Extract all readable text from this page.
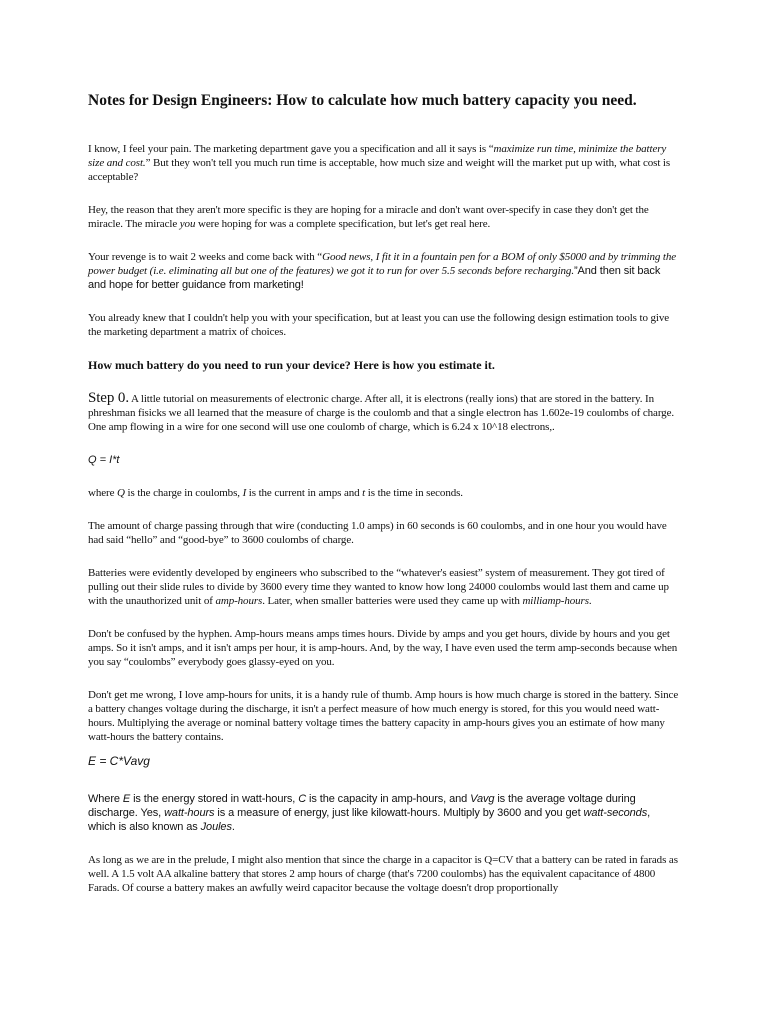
Notes for Design Engineers: How to calculate how much battery capacity you need.

I know, I feel your pain. The marketing department gave you a specification and all it says is “maximize run time, minimize the battery size and cost.” But they won't tell you much run time is acceptable, how much size and weight will the market put up with, what cost is acceptable?

Hey, the reason that they aren't more specific is they are hoping for a miracle and don't want over-specify in case they don't get the miracle. The miracle you were hoping for was a complete specification, but let's get real here.

Your revenge is to wait 2 weeks and come back with “Good news, I fit it in a fountain pen for a BOM of only $5000 and by trimming the power budget (i.e. eliminating all but one of the features) we got it to run for over 5.5 seconds before recharging.”And then sit back and hope for better guidance from marketing!

You already knew that I couldn't help you with your specification, but at least you can use the following design estimation tools to give the marketing department a matrix of choices.

How much battery do you need to run your device? Here is how you estimate it.

Step 0. A little tutorial on measurements of electronic charge. After all, it is electrons (really ions) that are stored in the battery. In phreshman fisicks we all learned that the measure of charge is the coulomb and that a single electron has 1.602e-19 coulombs of charge. One amp flowing in a wire for one second will use one coulomb of charge, which is 6.24 x 10^18 electrons,.

Q = I*t

where Q is the charge in coulombs, I is the current in amps and t is the time in seconds.

The amount of charge passing through that wire (conducting 1.0 amps) in 60 seconds is 60 coulombs, and in one hour you would have had said “hello” and “good-bye” to 3600 coulombs of charge.

Batteries were evidently developed by engineers who subscribed to the “whatever's easiest” system of measurement. They got tired of pulling out their slide rules to divide by 3600 every time they wanted to know how long 24000 coulombs would last them and came up with the unauthorized unit of amp-hours. Later, when smaller batteries were used they came up with milliamp-hours.

Don't be confused by the hyphen. Amp-hours means amps times hours. Divide by amps and you get hours, divide by hours and you get amps. So it isn't amps, and it isn't amps per hour, it is amp-hours. And, by the way, I have even used the term amp-seconds because when you say “coulombs” everybody goes glassy-eyed on you.

Don't get me wrong, I love amp-hours for units, it is a handy rule of thumb. Amp hours is how much charge is stored in the battery. Since a battery changes voltage during the discharge, it isn't a perfect measure of how much energy is stored, for this you would need watt-hours. Multiplying the average or nominal battery voltage times the battery capacity in amp-hours gives you an estimate of how many watt-hours the battery contains.

E = C*Vavg

Where E is the energy stored in watt-hours, C is the capacity in amp-hours, and Vavg is the average voltage during discharge. Yes, watt-hours is a measure of energy, just like kilowatt-hours. Multiply by 3600 and you get watt-seconds, which is also known as Joules.

As long as we are in the prelude, I might also mention that since the charge in a capacitor is Q=CV that a battery can be rated in farads as well. A 1.5 volt AA alkaline battery that stores 2 amp hours of charge (that's 7200 coulombs) has the equivalent capacitance of 4800 Farads. Of course a battery makes an awfully weird capacitor because the voltage doesn't drop proportionally
